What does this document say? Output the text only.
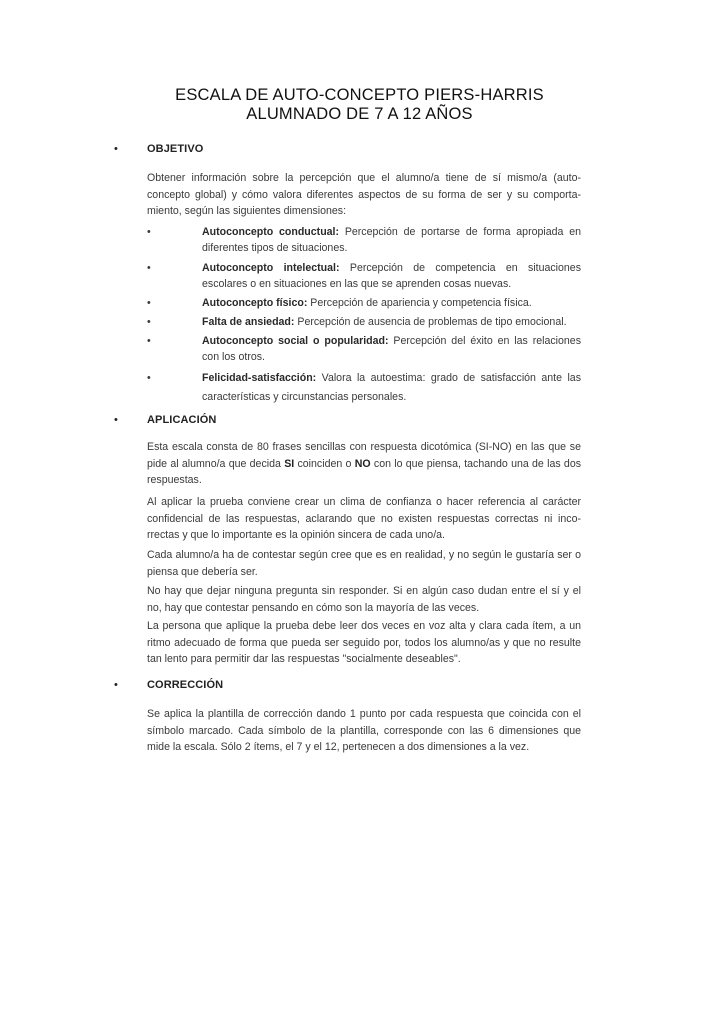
ESCALA DE AUTO-CONCEPTO PIERS-HARRIS
ALUMNADO DE 7 A 12 AÑOS
•	OBJETIVO

Obtener información sobre la percepción que el alumno/a tiene de sí mismo/a (auto-concepto global) y cómo valora diferentes aspectos de su forma de ser y su comporta-miento, según las siguientes dimensiones:

•	Autoconcepto conductual: Percepción de portarse de forma apropiada en diferentes tipos de situaciones.
•	Autoconcepto intelectual: Percepción de competencia en situaciones escolares o en situaciones en las que se aprenden cosas nuevas.
•	Autoconcepto físico: Percepción de apariencia y competencia física.
•	Falta de ansiedad: Percepción de ausencia de problemas de tipo emocional.
•	Autoconcepto social o popularidad: Percepción del éxito en las relaciones con los otros.
•	Felicidad-satisfacción: Valora la autoestima: grado de satisfacción ante las características y circunstancias personales.
•	APLICACIÓN

Esta escala consta de 80 frases sencillas con respuesta dicotómica (SI-NO) en las que se pide al alumno/a que decida SI coinciden o NO con lo que piensa, tachando una de las dos respuestas.

Al aplicar la prueba conviene crear un clima de confianza o hacer referencia al carácter confidencial de las respuestas, aclarando que no existen respuestas correctas ni inco-rrectas y que lo importante es la opinión sincera de cada uno/a.

Cada alumno/a ha de contestar según cree que es en realidad, y no según le gustaría ser o piensa que debería ser.

No hay que dejar ninguna pregunta sin responder. Si en algún caso dudan entre el sí y el no, hay que contestar pensando en cómo son la mayoría de las veces.

La persona que aplique la prueba debe leer dos veces en voz alta y clara cada ítem, a un ritmo adecuado de forma que pueda ser seguido por, todos los alumno/as y que no resulte tan lento para permitir dar las respuestas "socialmente deseables".

•	CORRECCIÓN

Se aplica la plantilla de corrección dando 1 punto por cada respuesta que coincida con el símbolo marcado. Cada símbolo de la plantilla, corresponde con las 6 dimensiones que mide la escala. Sólo 2 ítems, el 7 y el 12, pertenecen a dos dimensiones a la vez.
